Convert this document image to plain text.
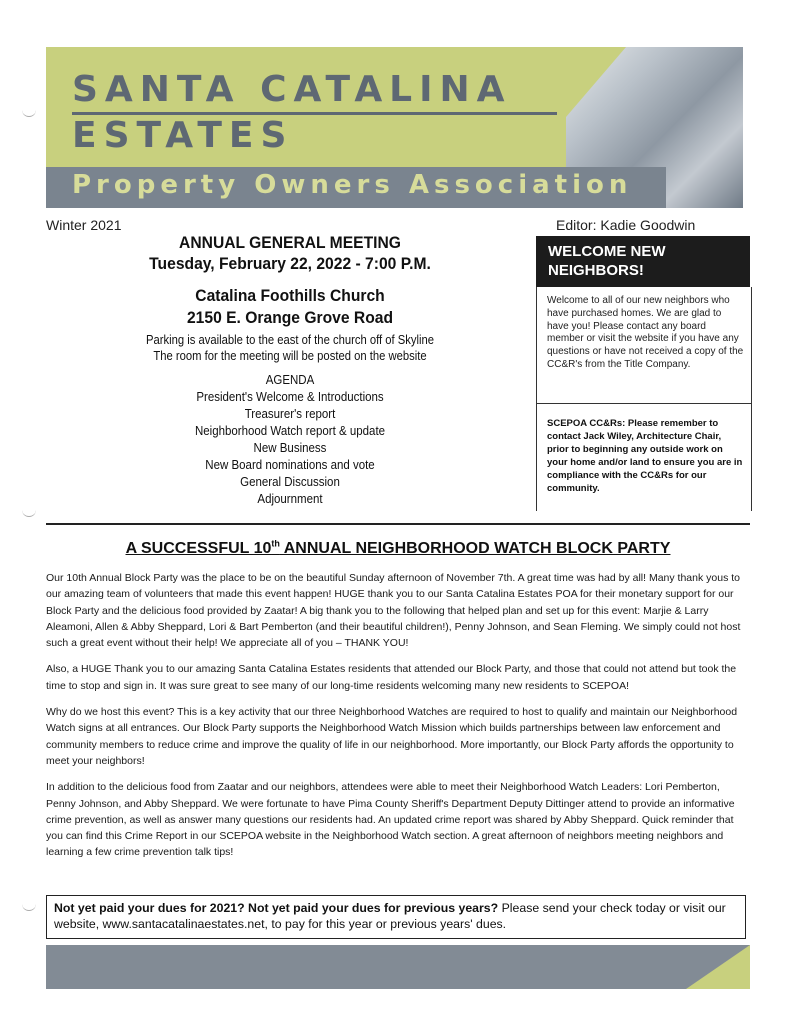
SANTA CATALINA
ESTATES
Property Owners Association
Winter 2021	Editor: Kadie Goodwin
ANNUAL GENERAL MEETING
Tuesday, February 22, 2022 - 7:00 P.M.
Catalina Foothills Church
2150 E. Orange Grove Road
Parking is available to the east of the church off of Skyline
The room for the meeting will be posted on the website
AGENDA
President's Welcome & Introductions
Treasurer's report
Neighborhood Watch report & update
New Business
New Board nominations and vote
General Discussion
Adjournment
WELCOME NEW NEIGHBORS!
Welcome to all of our new neighbors who have purchased homes. We are glad to have you! Please contact any board member or visit the website if you have any questions or have not received a copy of the CC&R's from the Title Company.
SCEPOA CC&Rs: Please remember to contact Jack Wiley, Architecture Chair, prior to beginning any outside work on your home and/or land to ensure you are in compliance with the CC&Rs for our community.
A SUCCESSFUL 10th ANNUAL NEIGHBORHOOD WATCH BLOCK PARTY

Our 10th Annual Block Party was the place to be on the beautiful Sunday afternoon of November 7th. A great time was had by all! Many thank yous to our amazing team of volunteers that made this event happen! HUGE thank you to our Santa Catalina Estates POA for their monetary support for our Block Party and the delicious food provided by Zaatar! A big thank you to the following that helped plan and set up for this event: Marjie & Larry Aleamoni, Allen & Abby Sheppard, Lori & Bart Pemberton (and their beautiful children!), Penny Johnson, and Sean Fleming. We simply could not host such a great event without their help! We appreciate all of you – THANK YOU!

Also, a HUGE Thank you to our amazing Santa Catalina Estates residents that attended our Block Party, and those that could not attend but took the time to stop and sign in. It was sure great to see many of our long-time residents welcoming many new residents to SCEPOA!

Why do we host this event? This is a key activity that our three Neighborhood Watches are required to host to qualify and maintain our Neighborhood Watch signs at all entrances. Our Block Party supports the Neighborhood Watch Mission which builds partnerships between law enforcement and community members to reduce crime and improve the quality of life in our neighborhood. More importantly, our Block Party affords the opportunity to meet your neighbors!

In addition to the delicious food from Zaatar and our neighbors, attendees were able to meet their Neighborhood Watch Leaders: Lori Pemberton, Penny Johnson, and Abby Sheppard. We were fortunate to have Pima County Sheriff's Department Deputy Dittinger attend to provide an informative crime prevention, as well as answer many questions our residents had. An updated crime report was shared by Abby Sheppard. Quick reminder that you can find this Crime Report in our SCEPOA website in the Neighborhood Watch section. A great afternoon of neighbors meeting neighbors and learning a few crime prevention talk tips!

Not yet paid your dues for 2021? Not yet paid your dues for previous years? Please send your check today or visit our website, www.santacatalinaestates.net, to pay for this year or previous years' dues.
